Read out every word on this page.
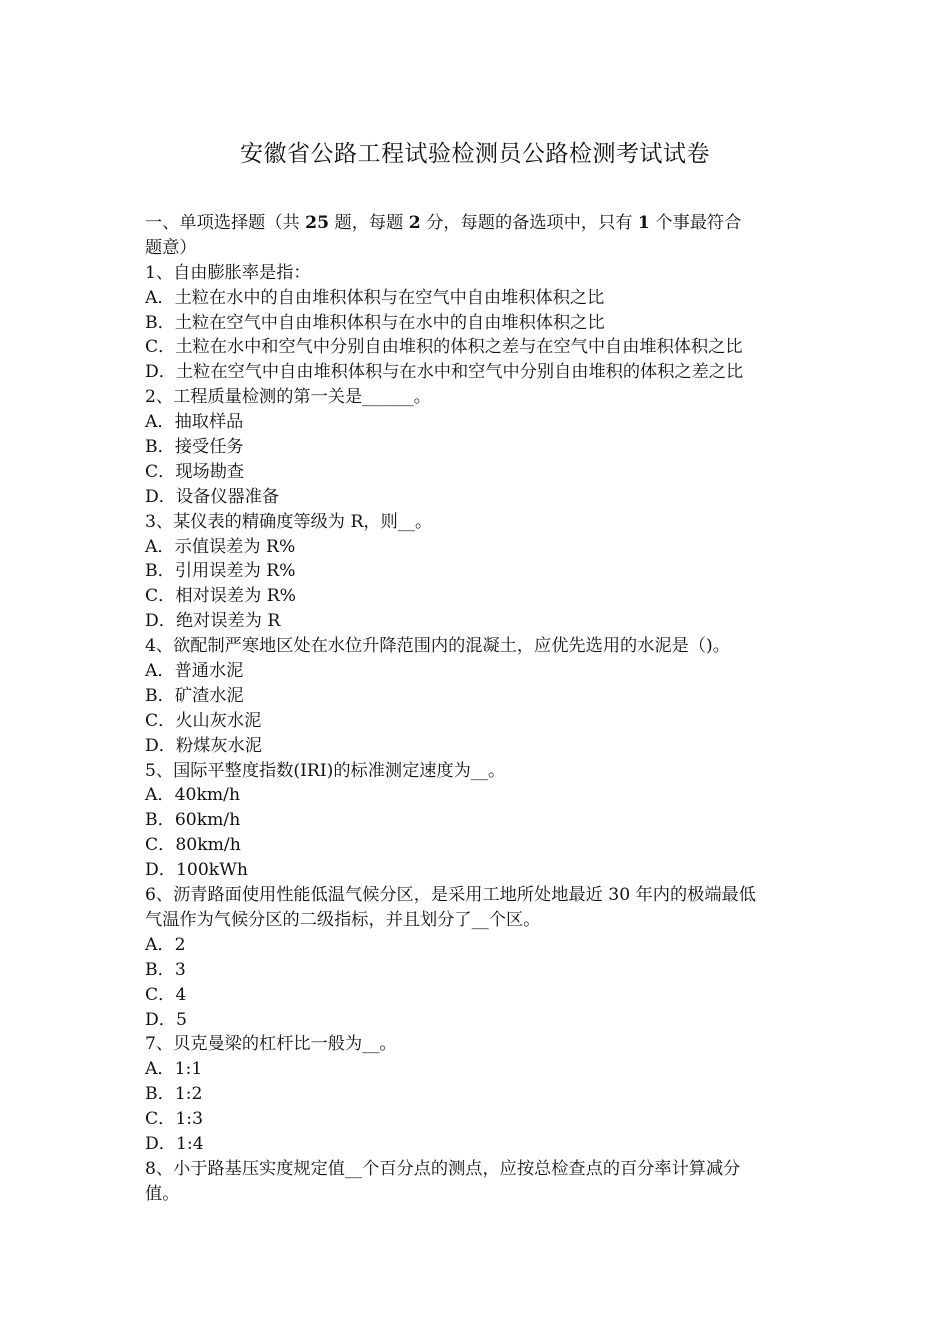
安徽省公路工程试验检测员公路检测考试试卷
一、单项选择题（共 25 题，每题 2 分，每题的备选项中，只有 1 个事最符合
题意）
1、自由膨胀率是指：
A．土粒在水中的自由堆积体积与在空气中自由堆积体积之比
B．土粒在空气中自由堆积体积与在水中的自由堆积体积之比
C．土粒在水中和空气中分别自由堆积的体积之差与在空气中自由堆积体积之比
D．土粒在空气中自由堆积体积与在水中和空气中分别自由堆积的体积之差之比
2、工程质量检测的第一关是______。
A．抽取样品
B．接受任务
C．现场勘查
D．设备仪器准备
3、某仪表的精确度等级为 R，则__。
A．示值误差为 R%
B．引用误差为 R%
C．相对误差为 R%
D．绝对误差为 R
4、欲配制严寒地区处在水位升降范围内的混凝土，应优先选用的水泥是（)。
A．普通水泥
B．矿渣水泥
C．火山灰水泥
D．粉煤灰水泥
5、国际平整度指数(IRI)的标准测定速度为__。
A．40km/h
B．60km/h
C．80km/h
D．100kWh
6、沥青路面使用性能低温气候分区，是采用工地所处地最近 30 年内的极端最低
气温作为气候分区的二级指标，并且划分了__个区。
A．2
B．3
C．4
D．5
7、贝克曼梁的杠杆比一般为__。
A．1:1
B．1:2
C．1:3
D．1:4
8、小于路基压实度规定值__个百分点的测点，应按总检查点的百分率计算减分
值。
